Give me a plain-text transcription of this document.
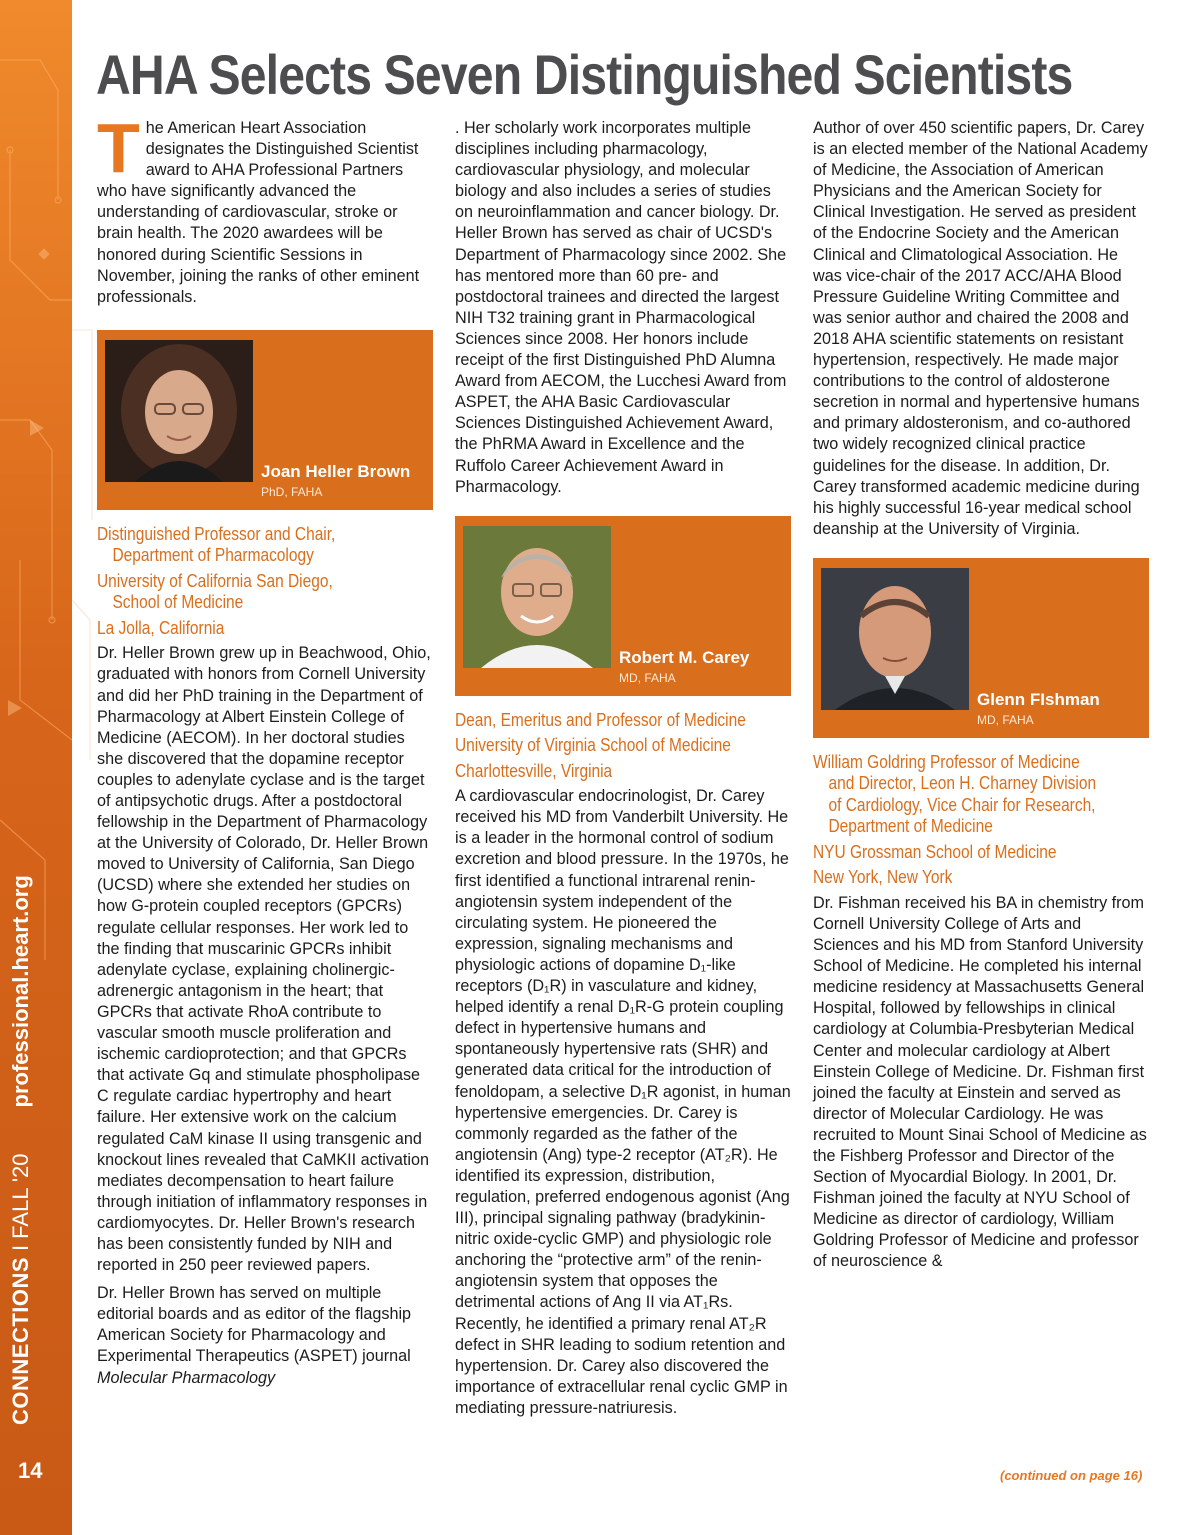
CONNECTIONSIFALL '20professional.heart.org
14
AHA Selects Seven Distinguished Scientists

The American Heart Association designates the Distinguished Scientist award to AHA Professional Partners who have significantly advanced the understanding of cardiovascular, stroke or brain health. The 2020 awardees will be honored during Scientific Sessions in November, joining the ranks of other eminent professionals.

Joan Heller Brown
PhD, FAHA
Distinguished Professor and Chair,
Department of Pharmacology
University of California San Diego,
School of Medicine
La Jolla, California

Dr. Heller Brown grew up in Beachwood, Ohio, graduated with honors from Cornell University and did her PhD training in the Department of Pharmacology at Albert Einstein College of Medicine (AECOM). In her doctoral studies she discovered that the dopamine receptor couples to adenylate cyclase and is the target of antipsychotic drugs. After a postdoctoral fellowship in the Department of Pharmacology at the University of Colorado, Dr. Heller Brown moved to University of California, San Diego (UCSD) where she extended her studies on how G-protein coupled receptors (GPCRs) regulate cellular responses. Her work led to the finding that muscarinic GPCRs inhibit adenylate cyclase, explaining cholinergic-adrenergic antagonism in the heart; that GPCRs that activate RhoA contribute to vascular smooth muscle proliferation and ischemic cardioprotection; and that GPCRs that activate Gq and stimulate phospholipase C regulate cardiac hypertrophy and heart failure. Her extensive work on the calcium regulated CaM kinase II using transgenic and knockout lines revealed that CaMKII activation mediates decompensation to heart failure through initiation of inflammatory responses in cardiomyocytes. Dr. Heller Brown's research has been consistently funded by NIH and reported in 250 peer reviewed papers.

Dr. Heller Brown has served on multiple editorial boards and as editor of the flagship American Society for Pharmacology and Experimental Therapeutics (ASPET) journal Molecular Pharmacology

. Her scholarly work incorporates multiple disciplines including pharmacology, cardiovascular physiology, and molecular biology and also includes a series of studies on neuroinflammation and cancer biology. Dr. Heller Brown has served as chair of UCSD's Department of Pharmacology since 2002. She has mentored more than 60 pre- and postdoctoral trainees and directed the largest NIH T32 training grant in Pharmacological Sciences since 2008. Her honors include receipt of the first Distinguished PhD Alumna Award from AECOM, the Lucchesi Award from ASPET, the AHA Basic Cardiovascular Sciences Distinguished Achievement Award, the PhRMA Award in Excellence and the Ruffolo Career Achievement Award in Pharmacology.

Robert M. Carey
MD, FAHA
Dean, Emeritus and Professor of Medicine
University of Virginia School of Medicine
Charlottesville, Virginia

A cardiovascular endocrinologist, Dr. Carey received his MD from Vanderbilt University. He is a leader in the hormonal control of sodium excretion and blood pressure. In the 1970s, he first identified a functional intrarenal renin-angiotensin system independent of the circulating system. He pioneered the expression, signaling mechanisms and physiologic actions of dopamine D₁-like receptors (D₁R) in vasculature and kidney, helped identify a renal D₁R-G protein coupling defect in hypertensive humans and spontaneously hypertensive rats (SHR) and generated data critical for the introduction of fenoldopam, a selective D₁R agonist, in human hypertensive emergencies. Dr. Carey is commonly regarded as the father of the angiotensin (Ang) type-2 receptor (AT₂R). He identified its expression, distribution, regulation, preferred endogenous agonist (Ang III), principal signaling pathway (bradykinin-nitric oxide-cyclic GMP) and physiologic role anchoring the “protective arm” of the renin-angiotensin system that opposes the detrimental actions of Ang II via AT₁Rs. Recently, he identified a primary renal AT₂R defect in SHR leading to sodium retention and hypertension. Dr. Carey also discovered the importance of extracellular renal cyclic GMP in mediating pressure-natriuresis.

Author of over 450 scientific papers, Dr. Carey is an elected member of the National Academy of Medicine, the Association of American Physicians and the American Society for Clinical Investigation. He served as president of the Endocrine Society and the American Clinical and Climatological Association. He was vice-chair of the 2017 ACC/AHA Blood Pressure Guideline Writing Committee and was senior author and chaired the 2008 and 2018 AHA scientific statements on resistant hypertension, respectively. He made major contributions to the control of aldosterone secretion in normal and hypertensive humans and primary aldosteronism, and co-authored two widely recognized clinical practice guidelines for the disease. In addition, Dr. Carey transformed academic medicine during his highly successful 16-year medical school deanship at the University of Virginia.

Glenn FIshman
MD, FAHA
William Goldring Professor of Medicine
and Director, Leon H. Charney Division
of Cardiology, Vice Chair for Research,
Department of Medicine
NYU Grossman School of Medicine
New York, New York

Dr. Fishman received his BA in chemistry from Cornell University College of Arts and Sciences and his MD from Stanford University School of Medicine. He completed his internal medicine residency at Massachusetts General Hospital, followed by fellowships in clinical cardiology at Columbia-Presbyterian Medical Center and molecular cardiology at Albert Einstein College of Medicine. Dr. Fishman first joined the faculty at Einstein and served as director of Molecular Cardiology. He was recruited to Mount Sinai School of Medicine as the Fishberg Professor and Director of the Section of Myocardial Biology. In 2001, Dr. Fishman joined the faculty at NYU School of Medicine as director of cardiology, William Goldring Professor of Medicine and professor of neuroscience &

(continued on page 16)
